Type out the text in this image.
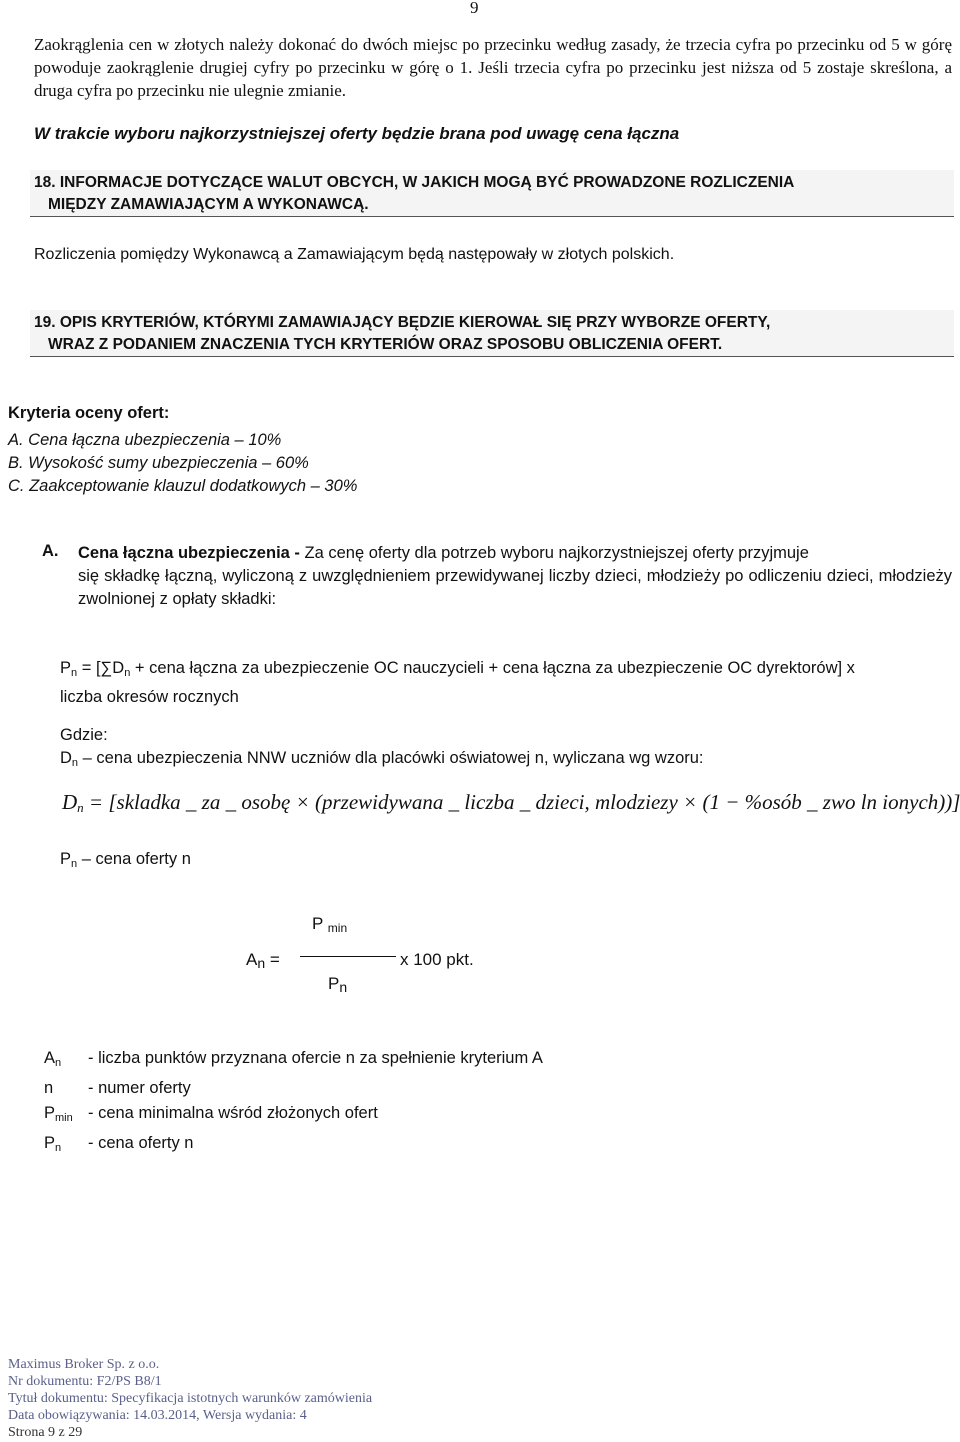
9
Zaokrąglenia cen w złotych należy dokonać do dwóch miejsc po przecinku według zasady, że trzecia cyfra po przecinku od 5 w górę powoduje zaokrąglenie drugiej cyfry po przecinku w górę o 1. Jeśli trzecia cyfra po przecinku jest niższa od 5 zostaje skreślona, a druga cyfra po przecinku nie ulegnie zmianie.
W trakcie wyboru najkorzystniejszej oferty będzie brana pod uwagę cena łączna
18. INFORMACJE DOTYCZĄCE WALUT OBCYCH, W JAKICH MOGĄ BYĆ PROWADZONE ROZLICZENIA
MIĘDZY ZAMAWIAJĄCYM A WYKONAWCĄ.
Rozliczenia pomiędzy Wykonawcą a Zamawiającym będą następowały w złotych polskich.
19. OPIS KRYTERIÓW, KTÓRYMI ZAMAWIAJĄCY BĘDZIE KIEROWAŁ SIĘ PRZY WYBORZE OFERTY,
WRAZ Z PODANIEM ZNACZENIA TYCH KRYTERIÓW ORAZ SPOSOBU OBLICZENIA OFERT.
Kryteria oceny ofert:
A. Cena łączna ubezpieczenia – 10%
B. Wysokość sumy ubezpieczenia – 60%
C. Zaakceptowanie klauzul dodatkowych – 30%
A. Cena łączna ubezpieczenia - Za cenę oferty dla potrzeb wyboru najkorzystniejszej oferty przyjmuje
się składkę łączną, wyliczoną z uwzględnieniem przewidywanej liczby dzieci, młodzieży po odliczeniu dzieci, młodzieży zwolnionej z opłaty składki:
$P_n = [\sum D_n$ + cena łączna za ubezpieczenie OC nauczycieli + cena łączna za ubezpieczenie OC dyrektorów] x
liczba okresów rocznych
Gdzie:
$D_n$ – cena ubezpieczenia NNW uczniów dla placówki oświatowej n, wyliczana wg wzoru:
$D_n$ = [skladka _ za _ osobę × (przewidywana _ liczba _ dzieci, mlodziezy × (1 − %osób _ zwo ln ionych))]
$P_n$ – cena oferty n
$A_n$ =
P $_{min}$
$P_n$
x 100 pkt.
$A_n$ - liczba punktów przyznana ofercie n za spełnienie kryterium A
n - numer oferty
$P_{min}$ - cena minimalna wśród złożonych ofert
$P_n$ - cena oferty n
Maximus Broker Sp. z o.o.
Nr dokumentu: F2/PS B8/1
Tytuł dokumentu: Specyfikacja istotnych warunków zamówienia
Data obowiązywania: 14.03.2014, Wersja wydania: 4
Strona 9 z 29
